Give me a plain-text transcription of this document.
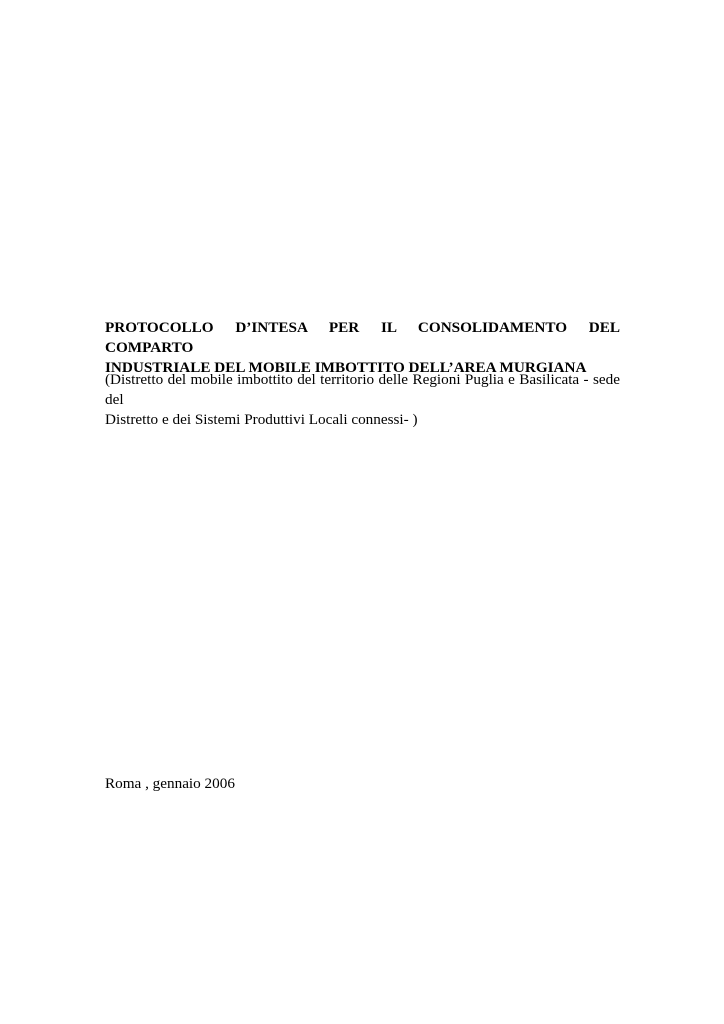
PROTOCOLLO D’INTESA PER IL CONSOLIDAMENTO DEL COMPARTO
INDUSTRIALE DEL MOBILE IMBOTTITO DELL’AREA MURGIANA
(Distretto del mobile imbottito del territorio delle Regioni Puglia e Basilicata - sede del
Distretto e dei Sistemi Produttivi Locali connessi- )
Roma , gennaio 2006
